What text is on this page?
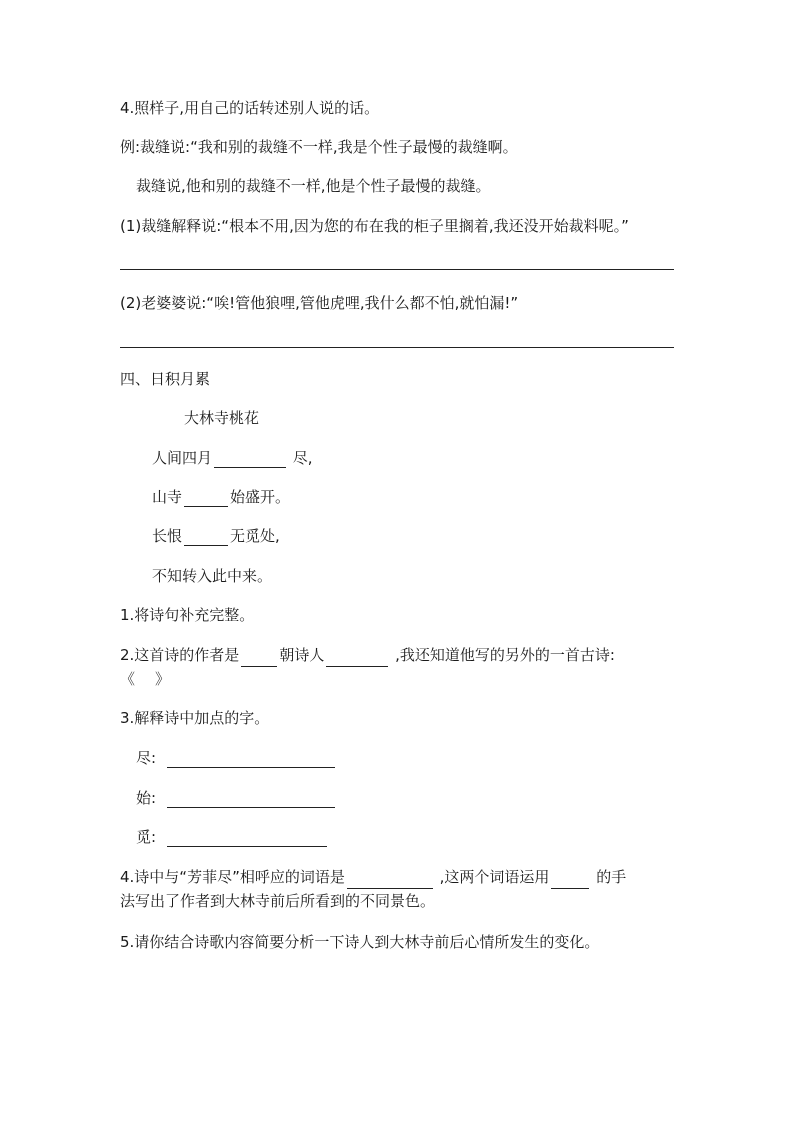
4.照样子,用自己的话转述别人说的话。
例:裁缝说:“我和别的裁缝不一样,我是个性子最慢的裁缝啊。
裁缝说,他和别的裁缝不一样,他是个性子最慢的裁缝。
(1)裁缝解释说:“根本不用,因为您的布在我的柜子里搁着,我还没开始裁料呢。”
(2)老婆婆说:“唉!管他狼哩,管他虎哩,我什么都不怕,就怕漏!”
四、日积月累
大林寺桃花
人间四月	尽,
山寺	始盛开。
长恨	无觅处,
不知转入此中来。
1.将诗句补充完整。
2.这首诗的作者是	朝诗人	,我还知道他写的另外的一首古诗:
《 》
3.解释诗中加点的字。
尽:
始:
觅:
4.诗中与“芳菲尽”相呼应的词语是	,这两个词语运用	的手
法写出了作者到大林寺前后所看到的不同景色。
5.请你结合诗歌内容简要分析一下诗人到大林寺前后心情所发生的变化。
